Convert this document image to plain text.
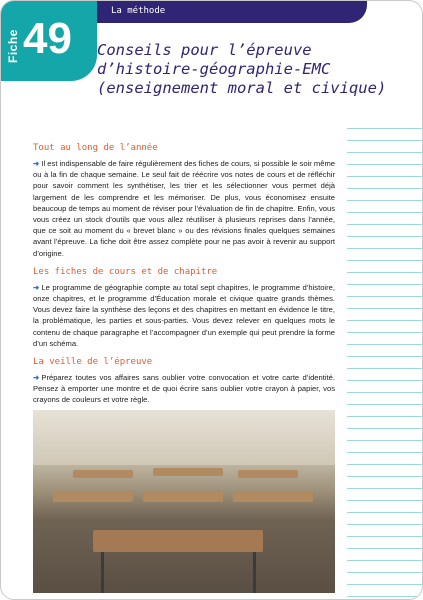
Fiche 49
La méthode
Conseils pour l’épreuve
d’histoire-géographie-EMC
(enseignement moral et civique)
Tout au long de l’année

➜ Il est indispensable de faire régulièrement des fiches de cours, si possible le soir même ou à la fin de chaque semaine. Le seul fait de réécrire vos notes de cours et de réfléchir pour savoir comment les synthétiser, les trier et les sélectionner vous permet déjà largement de les comprendre et les mémoriser. De plus, vous économisez ensuite beaucoup de temps au moment de réviser pour l’évaluation de fin de chapitre. Enfin, vous vous créez un stock d’outils que vous allez réutiliser à plusieurs reprises dans l’année, que ce soit au moment du « brevet blanc » ou des révisions finales quelques semaines avant l’épreuve. La fiche doit être assez complète pour ne pas avoir à revenir au support d’origine.

Les fiches de cours et de chapitre

➜ Le programme de géographie compte au total sept chapitres, le programme d’histoire, onze chapitres, et le programme d’Éducation morale et civique quatre grands thèmes. Vous devez faire la synthèse des leçons et des chapitres en mettant en évidence le titre, la problématique, les parties et sous-parties. Vous devez relever en quelques mots le contenu de chaque paragraphe et l’accompagner d’un exemple qui peut prendre la forme d’un schéma.

La veille de l’épreuve

➜ Préparez toutes vos affaires sans oublier votre convocation et votre carte d’identité. Pensez à emporter une montre et de quoi écrire sans oublier votre crayon à papier, vos crayons de couleurs et votre règle.
